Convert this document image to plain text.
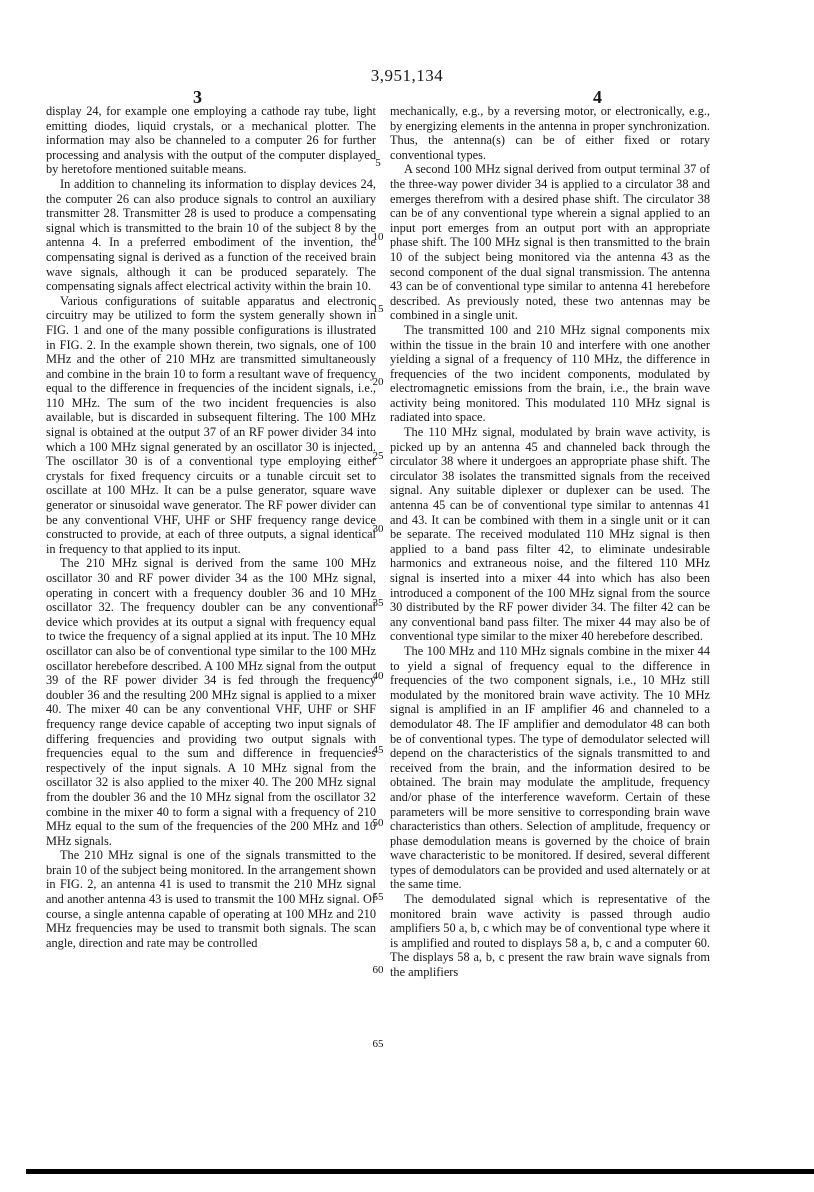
3,951,134
3	4

display 24, for example one employing a cathode ray tube, light emitting diodes, liquid crystals, or a mechanical plotter. The information may also be channeled to a computer 26 for further processing and analysis with the output of the computer displayed by heretofore mentioned suitable means.

In addition to channeling its information to display devices 24, the computer 26 can also produce signals to control an auxiliary transmitter 28. Transmitter 28 is used to produce a compensating signal which is transmitted to the brain 10 of the subject 8 by the antenna 4. In a preferred embodiment of the invention, the compensating signal is derived as a function of the received brain wave signals, although it can be produced separately. The compensating signals affect electrical activity within the brain 10.

Various configurations of suitable apparatus and electronic circuitry may be utilized to form the system generally shown in FIG. 1 and one of the many possible configurations is illustrated in FIG. 2. In the example shown therein, two signals, one of 100 MHz and the other of 210 MHz are transmitted simultaneously and combine in the brain 10 to form a resultant wave of frequency equal to the difference in frequencies of the incident signals, i.e., 110 MHz. The sum of the two incident frequencies is also available, but is discarded in subsequent filtering. The 100 MHz signal is obtained at the output 37 of an RF power divider 34 into which a 100 MHz signal generated by an oscillator 30 is injected. The oscillator 30 is of a conventional type employing either crystals for fixed frequency circuits or a tunable circuit set to oscillate at 100 MHz. It can be a pulse generator, square wave generator or sinusoidal wave generator. The RF power divider can be any conventional VHF, UHF or SHF frequency range device constructed to provide, at each of three outputs, a signal identical in frequency to that applied to its input.

The 210 MHz signal is derived from the same 100 MHz oscillator 30 and RF power divider 34 as the 100 MHz signal, operating in concert with a frequency doubler 36 and 10 MHz oscillator 32. The frequency doubler can be any conventional device which provides at its output a signal with frequency equal to twice the frequency of a signal applied at its input. The 10 MHz oscillator can also be of conventional type similar to the 100 MHz oscillator herebefore described. A 100 MHz signal from the output 39 of the RF power divider 34 is fed through the frequency doubler 36 and the resulting 200 MHz signal is applied to a mixer 40. The mixer 40 can be any conventional VHF, UHF or SHF frequency range device capable of accepting two input signals of differing frequencies and providing two output signals with frequencies equal to the sum and difference in frequencies respectively of the input signals. A 10 MHz signal from the oscillator 32 is also applied to the mixer 40. The 200 MHz signal from the doubler 36 and the 10 MHz signal from the oscillator 32 combine in the mixer 40 to form a signal with a frequency of 210 MHz equal to the sum of the frequencies of the 200 MHz and 10 MHz signals.

The 210 MHz signal is one of the signals transmitted to the brain 10 of the subject being monitored. In the arrangement shown in FIG. 2, an antenna 41 is used to transmit the 210 MHz signal and another antenna 43 is used to transmit the 100 MHz signal. Of course, a single antenna capable of operating at 100 MHz and 210 MHz frequencies may be used to transmit both signals. The scan angle, direction and rate may be controlled

mechanically, e.g., by a reversing motor, or electronically, e.g., by energizing elements in the antenna in proper synchronization. Thus, the antenna(s) can be of either fixed or rotary conventional types.

A second 100 MHz signal derived from output terminal 37 of the three-way power divider 34 is applied to a circulator 38 and emerges therefrom with a desired phase shift. The circulator 38 can be of any conventional type wherein a signal applied to an input port emerges from an output port with an appropriate phase shift. The 100 MHz signal is then transmitted to the brain 10 of the subject being monitored via the antenna 43 as the second component of the dual signal transmission. The antenna 43 can be of conventional type similar to antenna 41 herebefore described. As previously noted, these two antennas may be combined in a single unit.

The transmitted 100 and 210 MHz signal components mix within the tissue in the brain 10 and interfere with one another yielding a signal of a frequency of 110 MHz, the difference in frequencies of the two incident components, modulated by electromagnetic emissions from the brain, i.e., the brain wave activity being monitored. This modulated 110 MHz signal is radiated into space.

The 110 MHz signal, modulated by brain wave activity, is picked up by an antenna 45 and channeled back through the circulator 38 where it undergoes an appropriate phase shift. The circulator 38 isolates the transmitted signals from the received signal. Any suitable diplexer or duplexer can be used. The antenna 45 can be of conventional type similar to antennas 41 and 43. It can be combined with them in a single unit or it can be separate. The received modulated 110 MHz signal is then applied to a band pass filter 42, to eliminate undesirable harmonics and extraneous noise, and the filtered 110 MHz signal is inserted into a mixer 44 into which has also been introduced a component of the 100 MHz signal from the source 30 distributed by the RF power divider 34. The filter 42 can be any conventional band pass filter. The mixer 44 may also be of conventional type similar to the mixer 40 herebefore described.

The 100 MHz and 110 MHz signals combine in the mixer 44 to yield a signal of frequency equal to the difference in frequencies of the two component signals, i.e., 10 MHz still modulated by the monitored brain wave activity. The 10 MHz signal is amplified in an IF amplifier 46 and channeled to a demodulator 48. The IF amplifier and demodulator 48 can both be of conventional types. The type of demodulator selected will depend on the characteristics of the signals transmitted to and received from the brain, and the information desired to be obtained. The brain may modulate the amplitude, frequency and/or phase of the interference waveform. Certain of these parameters will be more sensitive to corresponding brain wave characteristics than others. Selection of amplitude, frequency or phase demodulation means is governed by the choice of brain wave characteristic to be monitored. If desired, several different types of demodulators can be provided and used alternately or at the same time.

The demodulated signal which is representative of the monitored brain wave activity is passed through audio amplifiers 50 a, b, c which may be of conventional type where it is amplified and routed to displays 58 a, b, c and a computer 60. The displays 58 a, b, c present the raw brain wave signals from the amplifiers

5
10
15
20
25
30
35
40
45
50
55
60
65
